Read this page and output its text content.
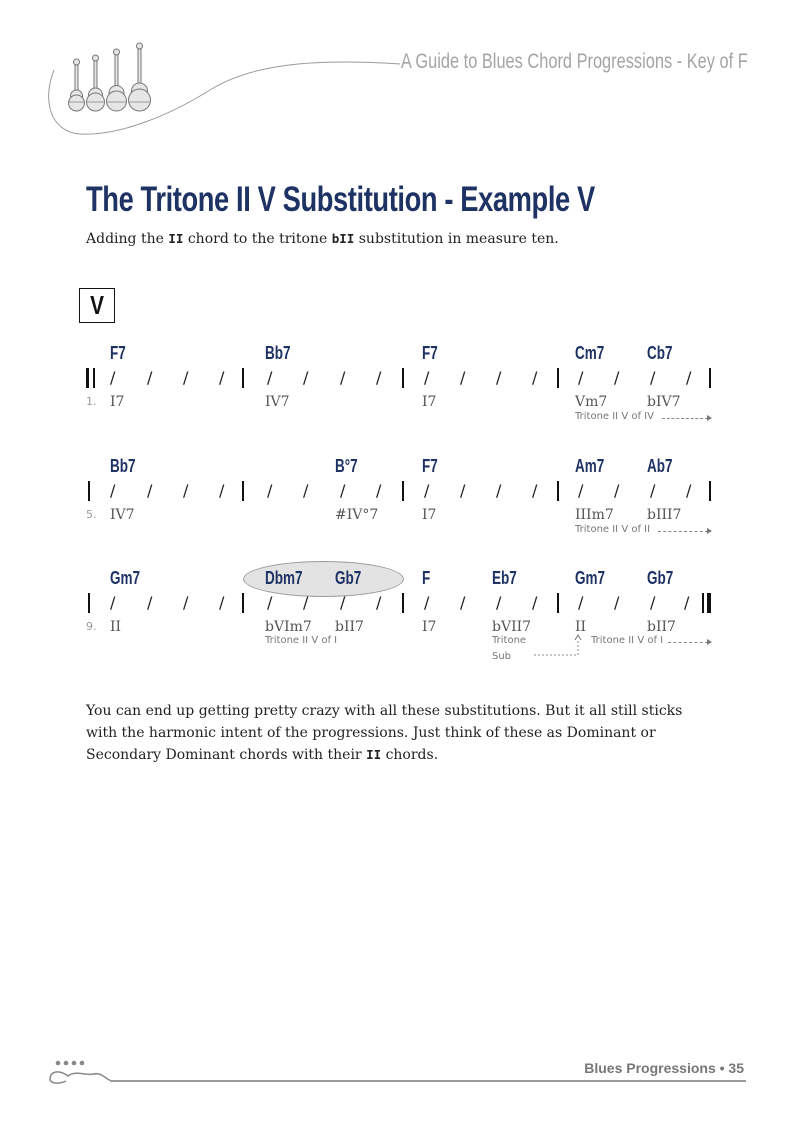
A Guide to Blues Chord Progressions - Key of F
The Tritone II V Substitution - Example V
Adding the II chord to the tritone bII substitution in measure ten.
V
F7	Bb7	F7	Cm7 Cb7
/ / / /	/ / / /	/ / / /	/ / / /
1. I7	IV7	I7	Vm7	bIV7
Tritone II V of IV
Bb7	B°7	F7	Am7 Ab7
/ / / /	/ / / /	/ / / /	/ / / /
5. IV7	#IV°7	I7	IIIm7 bIII7
Tritone II V of II
Gm7	Dbm7 Gb7	F	Eb7	Gm7 Gb7
/ / / /	/ / / /	/ / / /	/ / / /
9. II	bVIm7 bII7	I7	bVII7	II	bII7
Tritone II V of I	Tritone
Sub
Tritone II V of I
You can end up getting pretty crazy with all these substitutions. But it all still sticks with the harmonic intent of the progressions. Just think of these as Dominant or Secondary Dominant chords with their II chords.
Blues Progressions • 35
